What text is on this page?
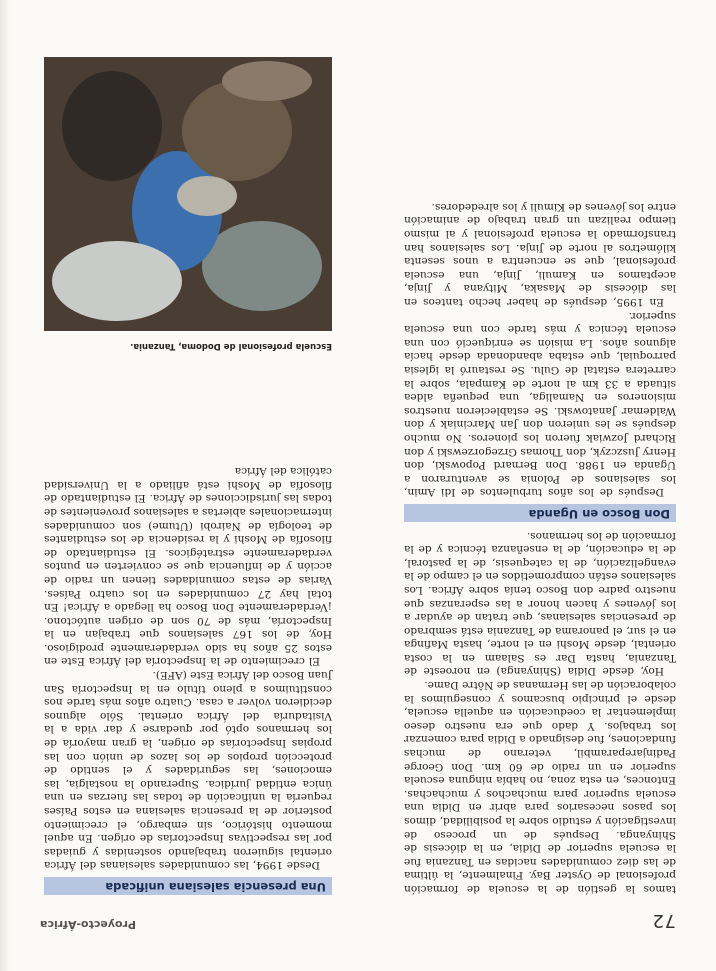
72
Proyecto-África

tamos la gestión de la escuela de formación profesional de Oyster Bay. Finalmente, la última de las diez comunidades nacidas en Tanzania fue la escuela superior de Didia, en la diócesis de Shinyanga. Después de un proceso de investigación y estudio sobre la posibilidad, dimos los pasos necesarios para abrir en Didia una escuela superior para muchachos y muchachas. Entonces, en esta zona, no había ninguna escuela superior en un radio de 60 km. Don George Padinjareparambil, veterano de muchas fundaciones, fue designado a Didia para comenzar los trabajos. Y dado que era nuestro deseo implementar la coeducación en aquella escuela, desde el principio buscamos y conseguimos la colaboración de las Hermanas de Nôtre Dame.

Hoy, desde Didia (Shinyanga) en noroeste de Tanzania, hasta Dar es Salaam en la costa oriental, desde Moshi en el norte, hasta Mafinga en el sur, el panorama de Tanzania está sembrado de presencias salesianas, que tratan de ayudar a los jóvenes y hacen honor a las esperanzas que nuestro padre don Bosco tenía sobre África. Los salesianos están comprometidos en el campo de la evangelización, de la catequesis, de la pastoral, de la educación, de la enseñanza técnica y de la formación de los hermanos.

Don Bosco en Uganda

Después de los años turbulentos de Idi Amin, los salesianos de Polonia se aventuraron a Uganda en 1988. Don Bernard Popowski, don Henry Juszczyk, don Thomas Grzegorzewski y don Richard Jozwiak fueron los pioneros. No mucho después se les unieron don Jan Marciniak y don Waldemar Janatowski. Se establecieron nuestros misioneros en Namaliga, una pequeña aldea situada a 33 km al norte de Kampala, sobre la carretera estatal de Gulu. Se restauró la iglesia parroquial, que estaba abandonada desde hacía algunos años. La misión se enriqueció con una escuela técnica y más tarde con una escuela superior.

En 1995, después de haber hecho tanteos en las diócesis de Masaka, Mityana y Jinja, aceptamos en Kamuli, Jinja, una escuela profesional, que se encuentra a unos sesenta kilómetros al norte de Jinja. Los salesianos han transformado la escuela profesional y al mismo tiempo realizan un gran trabajo de animación entre los jóvenes de Kimuli y los alrededores.

Una presencia salesiana unificada

Desde 1994, las comunidades salesianas del África oriental siguieron trabajando sostenidas y guiadas por las respectivas Inspectorías de origen. En aquel momento histórico, sin embargo, el crecimiento posterior de la presencia salesiana en estos Países requería la unificación de todas las fuerzas en una única entidad jurídica. Superando la nostalgia, las emociones, las seguridades y el sentido de protección propios de los lazos de unión con las propias Inspectorías de origen, la gran mayoría de los hermanos optó por quedarse y dar vida a la Visitaduría del África oriental. Sólo algunos decidieron volver a casa. Cuatro años más tarde nos constituimos a pleno título en la Inspectoría San Juan Bosco del África Este (AFE).

El crecimiento de la Inspectoría del África Este en estos 25 años ha sido verdaderamente prodigioso. Hoy, de los 167 salesianos que trabajan en la Inspectoría, más de 70 son de origen autóctono. ¡Verdaderamente Don Bosco ha llegado a África! En total hay 27 comunidades en los cuatro Países. Varias de estas comunidades tienen un radio de acción y de influencia que se convierten en puntos verdaderamente estratégicos. El estudiantado de filosofía de Moshi y la residencia de los estudiantes de teología de Nairobi (Utume) son comunidades internacionales abiertas a salesianos provenientes de todas las jurisdicciones de África. El estudiantado de filosofía de Moshi está afiliado a la Universidad católica del África

Escuela profesional de Dodoma, Tanzania.
